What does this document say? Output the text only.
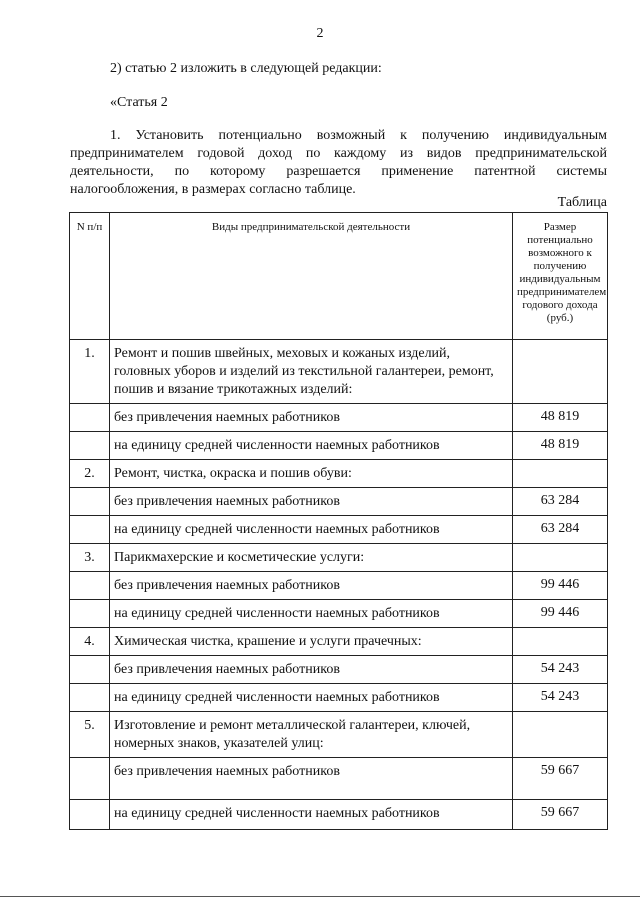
2
2) статью 2 изложить в следующей редакции:
«Статья 2
1. Установить потенциально возможный к получению индивидуальным
предпринимателем годовой доход по каждому из видов предпринимательской
деятельности, по которому разрешается применение патентной системы
налогообложения, в размерах согласно таблице.
Таблица
N п/п	Виды предпринимательской деятельности	Размер потенциально возможного к получению индивидуальным предпринимателем годового дохода (руб.)
1.	Ремонт и пошив швейных, меховых и кожаных изделий, головных уборов и изделий из текстильной галантереи, ремонт, пошив и вязание трикотажных изделий:	
	без привлечения наемных работников	48 819
	на единицу средней численности наемных работников	48 819
2.	Ремонт, чистка, окраска и пошив обуви:	
	без привлечения наемных работников	63 284
	на единицу средней численности наемных работников	63 284
3.	Парикмахерские и косметические услуги:	
	без привлечения наемных работников	99 446
	на единицу средней численности наемных работников	99 446
4.	Химическая чистка, крашение и услуги прачечных:	
	без привлечения наемных работников	54 243
	на единицу средней численности наемных работников	54 243
5.	Изготовление и ремонт металлической галантереи, ключей, номерных знаков, указателей улиц:	
	без привлечения наемных работников	59 667
	на единицу средней численности наемных работников	59 667
